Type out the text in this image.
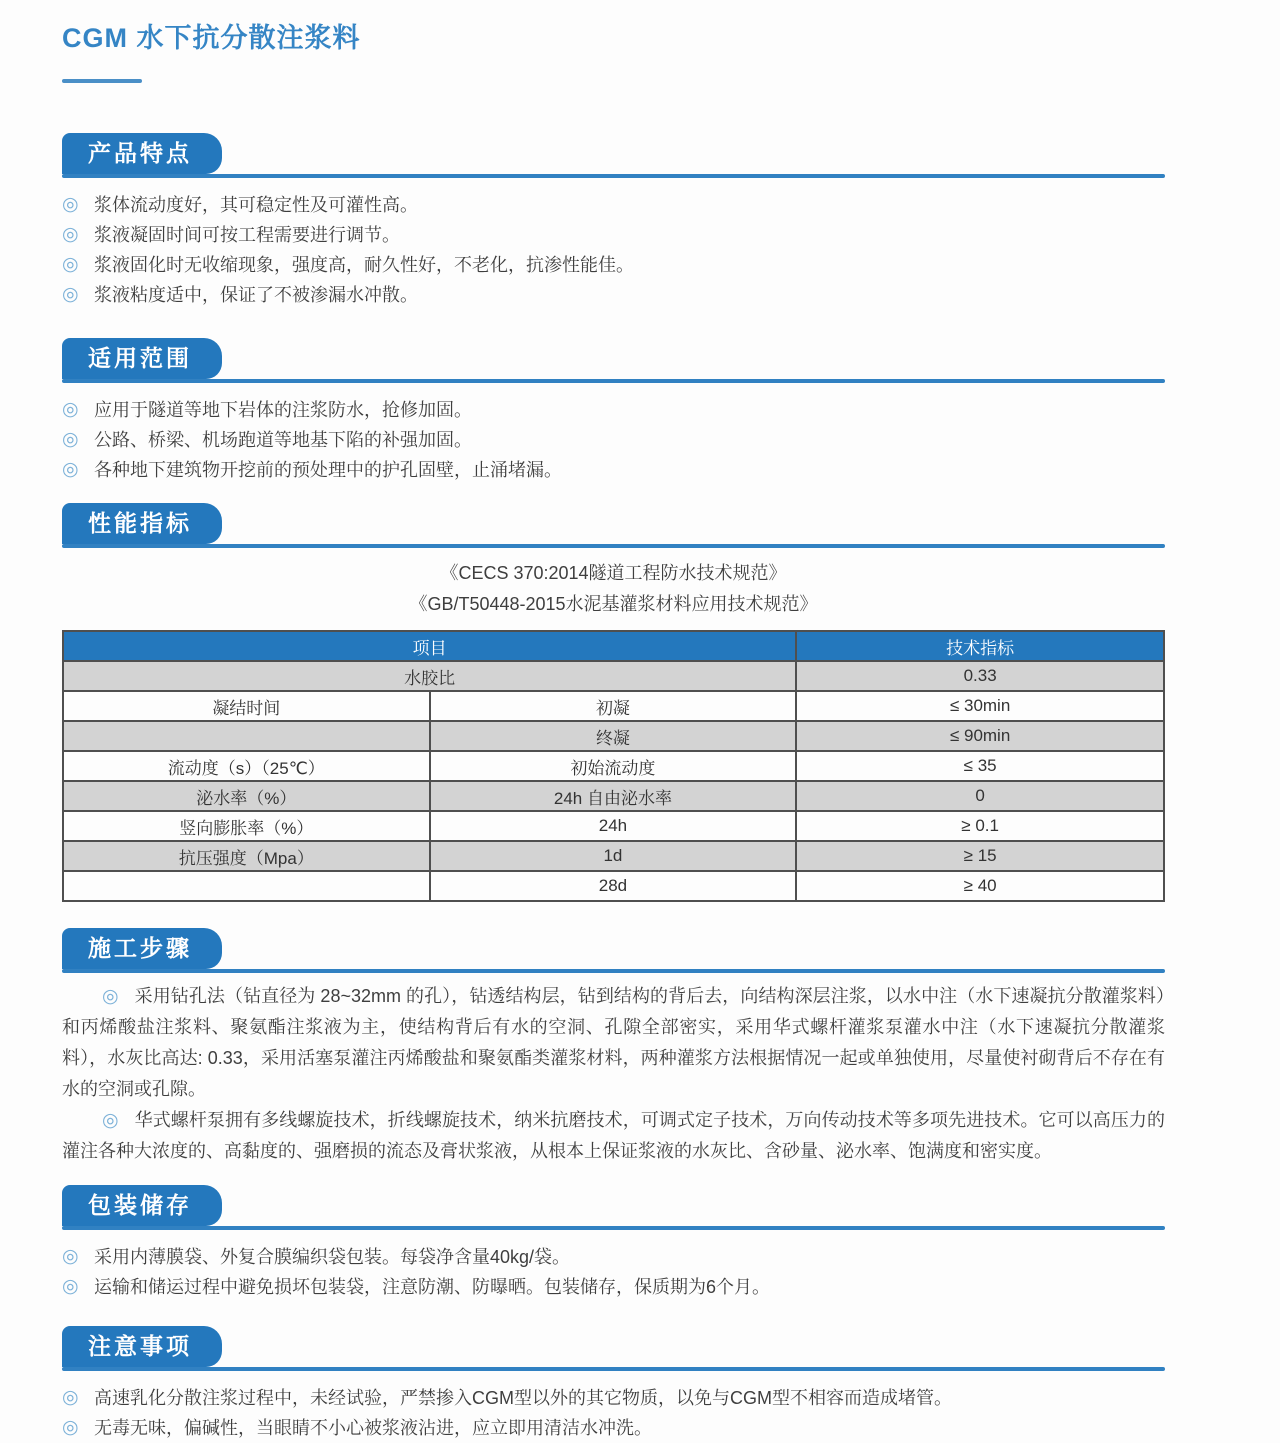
CGM 水下抗分散注浆料
产品特点
◎ 浆体流动度好，其可稳定性及可灌性高。
◎ 浆液凝固时间可按工程需要进行调节。
◎ 浆液固化时无收缩现象，强度高，耐久性好，不老化，抗渗性能佳。
◎ 浆液粘度适中，保证了不被渗漏水冲散。
适用范围
◎ 应用于隧道等地下岩体的注浆防水，抢修加固。
◎ 公路、桥梁、机场跑道等地基下陷的补强加固。
◎ 各种地下建筑物开挖前的预处理中的护孔固壁，止涌堵漏。
性能指标
《CECS 370:2014隧道工程防水技术规范》
《GB/T50448-2015水泥基灌浆材料应用技术规范》
项目		技术指标
水胶比		0.33
凝结时间	初凝	≤ 30min
	终凝	≤ 90min
流动度（s）（25℃）	初始流动度	≤ 35
泌水率（%）	24h 自由泌水率	0
竖向膨胀率（%）	24h	≥ 0.1
抗压强度（Mpa）	1d	≥ 15
	28d	≥ 40
施工步骤

◎ 采用钻孔法（钻直径为 28~32mm 的孔），钻透结构层，钻到结构的背后去，向结构深层注浆，以水中注（水下速凝抗分散灌浆料）和丙烯酸盐注浆料、聚氨酯注浆液为主，使结构背后有水的空洞、孔隙全部密实，采用华式螺杆灌浆泵灌水中注（水下速凝抗分散灌浆料），水灰比高达: 0.33，采用活塞泵灌注丙烯酸盐和聚氨酯类灌浆材料，两种灌浆方法根据情况一起或单独使用，尽量使衬砌背后不存在有水的空洞或孔隙。

◎ 华式螺杆泵拥有多线螺旋技术，折线螺旋技术，纳米抗磨技术，可调式定子技术，万向传动技术等多项先进技术。它可以高压力的灌注各种大浓度的、高黏度的、强磨损的流态及膏状浆液，从根本上保证浆液的水灰比、含砂量、泌水率、饱满度和密实度。

包装储存
◎ 采用内薄膜袋、外复合膜编织袋包装。每袋净含量40kg/袋。
◎ 运输和储运过程中避免损坏包装袋，注意防潮、防曝晒。包装储存，保质期为6个月。
注意事项
◎ 高速乳化分散注浆过程中，未经试验，严禁掺入CGM型以外的其它物质，以免与CGM型不相容而造成堵管。
◎ 无毒无味，偏碱性，当眼睛不小心被浆液沾进，应立即用清洁水冲洗。
